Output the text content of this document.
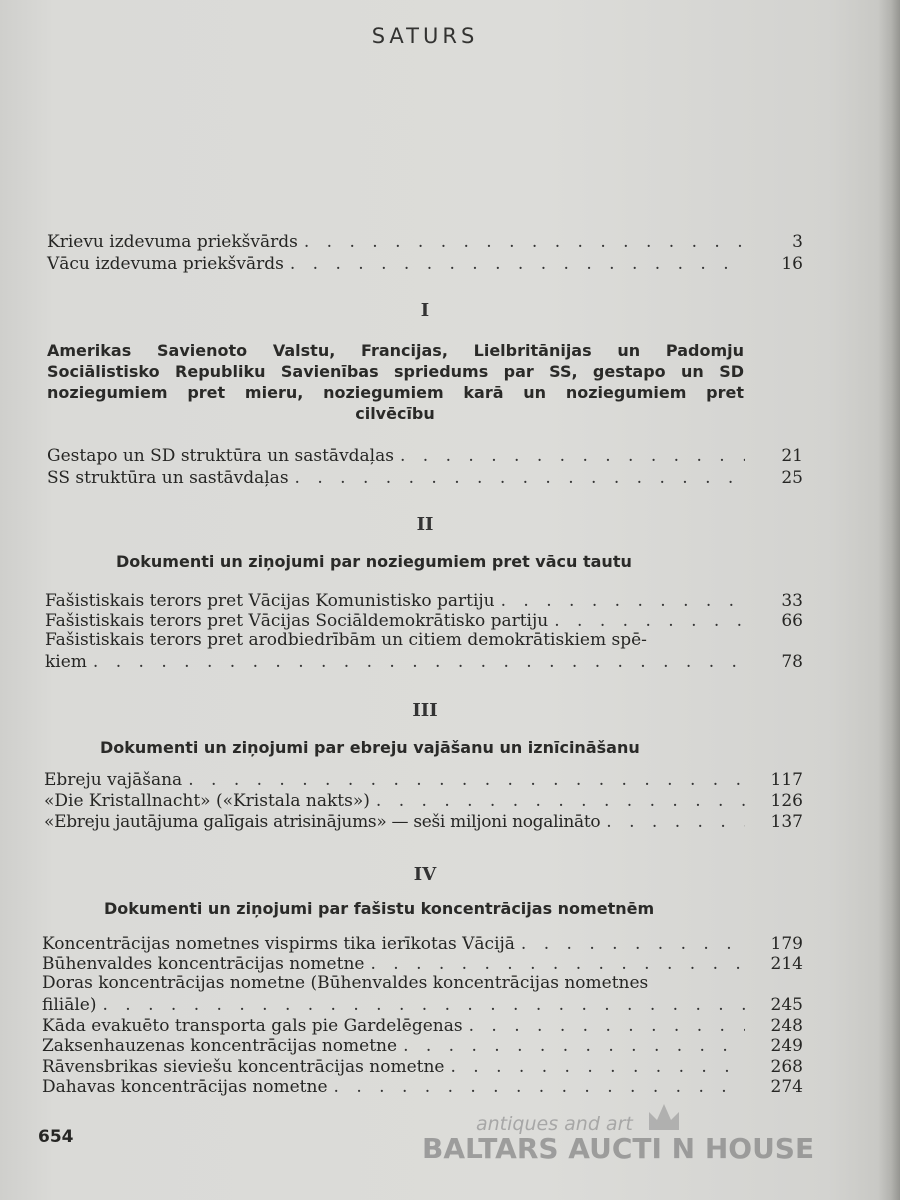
SATURS
Krievu izdevuma priekšvārds . . .	3
Vācu izdevuma priekšvārds . . .	16
I
Amerikas Savienoto Valstu, Francijas, Lielbritānijas un Padomju
Sociālistisko Republiku Savienības spriedums par SS, gestapo un SD
noziegumiem pret mieru, noziegumiem karā un noziegumiem pret
cilvēcību
Gestapo un SD struktūra un sastāvdaļas . . .	21
SS struktūra un sastāvdaļas . . .	25
II
Dokumenti un ziņojumi par noziegumiem pret vācu tautu
Fašistiskais terors pret Vācijas Komunistisko partiju . . .	33
Fašistiskais terors pret Vācijas Sociāldemokrātisko partiju . . .	66
Fašistiskais terors pret arodbiedrībām un citiem demokrātiskiem spē-
kiem . . .	78
III
Dokumenti un ziņojumi par ebreju vajāšanu un iznīcināšanu
Ebreju vajāšana . . .	117
«Die Kristallnacht» («Kristala nakts») . . .	126
«Ebreju jautājuma galīgais atrisinājums» — seši miljoni nogalināto . . .	137
IV
Dokumenti un ziņojumi par fašistu koncentrācijas nometnēm
Koncentrācijas nometnes vispirms tika ierīkotas Vācijā . . .	179
Būhenvaldes koncentrācijas nometne . . .	214
Doras koncentrācijas nometne (Būhenvaldes koncentrācijas nometnes
filiāle) . . .	245
Kāda evakuēto transporta gals pie Gardelēgenas . . .	248
Zaksenhauzenas koncentrācijas nometne . . .	249
Rāvensbrikas sieviešu koncentrācijas nometne . . .	268
Dahavas koncentrācijas nometne . . .	274
654
antiques and art
BALTARS AUCTI N HOUSE
